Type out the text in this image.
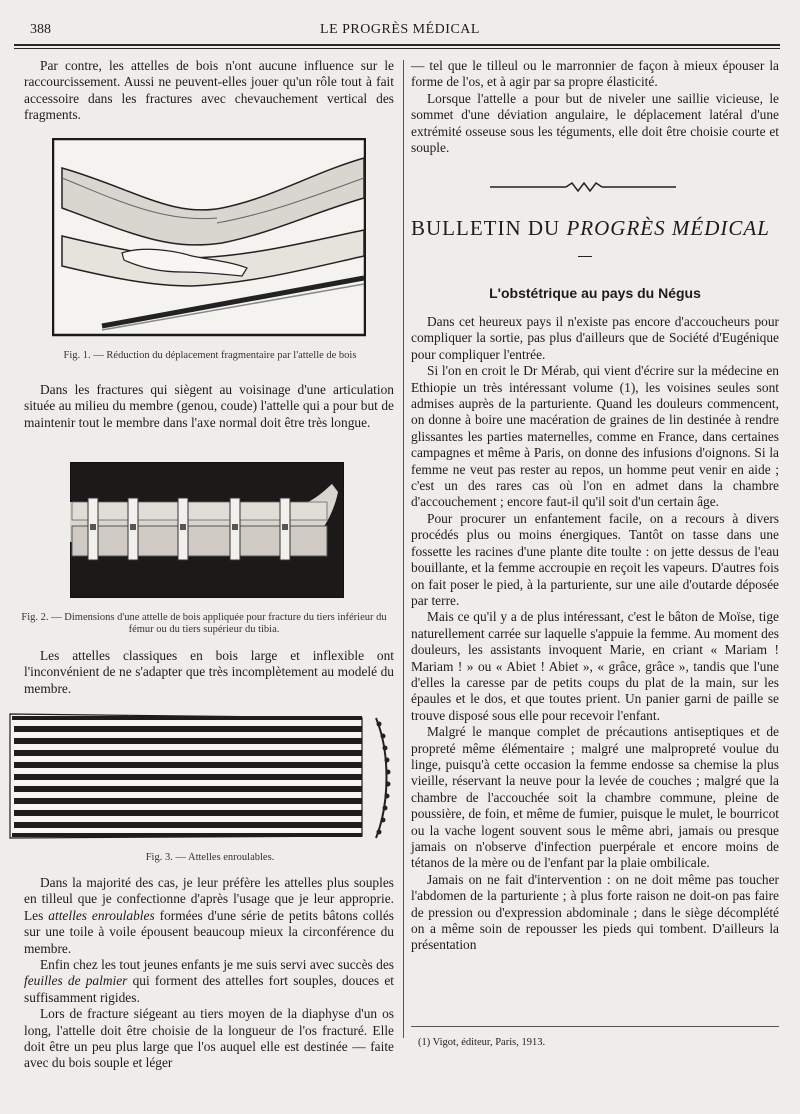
388	LE PROGRÈS MÉDICAL

Par contre, les attelles de bois n'ont aucune influence sur le raccourcissement. Aussi ne peuvent-elles jouer qu'un rôle tout à fait accessoire dans les fractures avec chevauchement vertical des fragments.

Fig. 1. — Réduction du déplacement fragmentaire par l'attelle de bois

Dans les fractures qui siègent au voisinage d'une articulation située au milieu du membre (genou, coude) l'attelle qui a pour but de maintenir tout le membre dans l'axe normal doit être très longue.

Fig. 2. — Dimensions d'une attelle de bois appliquée pour fracture du tiers inférieur du fémur ou du tiers supérieur du tibia.

Les attelles classiques en bois large et inflexible ont l'inconvénient de ne s'adapter que très incomplètement au modelé du membre.

Fig. 3. — Attelles enroulables.

Dans la majorité des cas, je leur préfère les attelles plus souples en tilleul que je confectionne d'après l'usage que je leur approprie. Les attelles enroulables formées d'une série de petits bâtons collés sur une toile à voile épousent beaucoup mieux la circonférence du membre.

Enfin chez les tout jeunes enfants je me suis servi avec succès des feuilles de palmier qui forment des attelles fort souples, douces et suffisamment rigides.

Lors de fracture siégeant au tiers moyen de la diaphyse d'un os long, l'attelle doit être choisie de la longueur de l'os fracturé. Elle doit être un peu plus large que l'os auquel elle est destinée — faite avec du bois souple et léger

— tel que le tilleul ou le marronnier de façon à mieux épouser la forme de l'os, et à agir par sa propre élasticité.

Lorsque l'attelle a pour but de niveler une saillie vicieuse, le sommet d'une déviation angulaire, le déplacement latéral d'une extrémité osseuse sous les téguments, elle doit être choisie courte et souple.

BULLETIN DU PROGRÈS MÉDICAL
L'obstétrique au pays du Négus

Dans cet heureux pays il n'existe pas encore d'accoucheurs pour compliquer la sortie, pas plus d'ailleurs que de Société d'Eugénique pour compliquer l'entrée.

Si l'on en croit le Dr Mérab, qui vient d'écrire sur la médecine en Ethiopie un très intéressant volume (1), les voisines seules sont admises auprès de la parturiente. Quand les douleurs commencent, on donne à boire une macération de graines de lin destinée à rendre glissantes les parties maternelles, comme en France, dans certaines campagnes et même à Paris, on donne des infusions d'oignons. Si la femme ne veut pas rester au repos, un homme peut venir en aide ; c'est un des rares cas où l'on en admet dans la chambre d'accouchement ; encore faut-il qu'il soit d'un certain âge.

Pour procurer un enfantement facile, on a recours à divers procédés plus ou moins énergiques. Tantôt on tasse dans une fossette les racines d'une plante dite toulte : on jette dessus de l'eau bouillante, et la femme accroupie en reçoit les vapeurs. D'autres fois on fait poser le pied, à la parturiente, sur une aile d'outarde déposée par terre.

Mais ce qu'il y a de plus intéressant, c'est le bâton de Moïse, tige naturellement carrée sur laquelle s'appuie la femme. Au moment des douleurs, les assistants invoquent Marie, en criant « Mariam ! Mariam ! » ou « Abiet ! Abiet », « grâce, grâce », tandis que l'une d'elles la caresse par de petits coups du plat de la main, sur les épaules et le dos, et que toutes prient. Un panier garni de paille se trouve disposé sous elle pour recevoir l'enfant.

Malgré le manque complet de précautions antiseptiques et de propreté même élémentaire ; malgré une malpropreté voulue du linge, puisqu'à cette occasion la femme endosse sa chemise la plus vieille, réservant la neuve pour la levée de couches ; malgré que la chambre de l'accouchée soit la chambre commune, pleine de poussière, de foin, et même de fumier, puisque le mulet, le bourricot ou la vache logent souvent sous le même abri, jamais ou presque jamais on n'observe d'infection puerpérale et encore moins de tétanos de la mère ou de l'enfant par la plaie ombilicale.

Jamais on ne fait d'intervention : on ne doit même pas toucher l'abdomen de la parturiente ; à plus forte raison ne doit-on pas faire de pression ou d'expression abdominale ; dans le siège décomplété on a même soin de repousser les pieds qui tombent. D'ailleurs la présentation

(1) Vigot, éditeur, Paris, 1913.
